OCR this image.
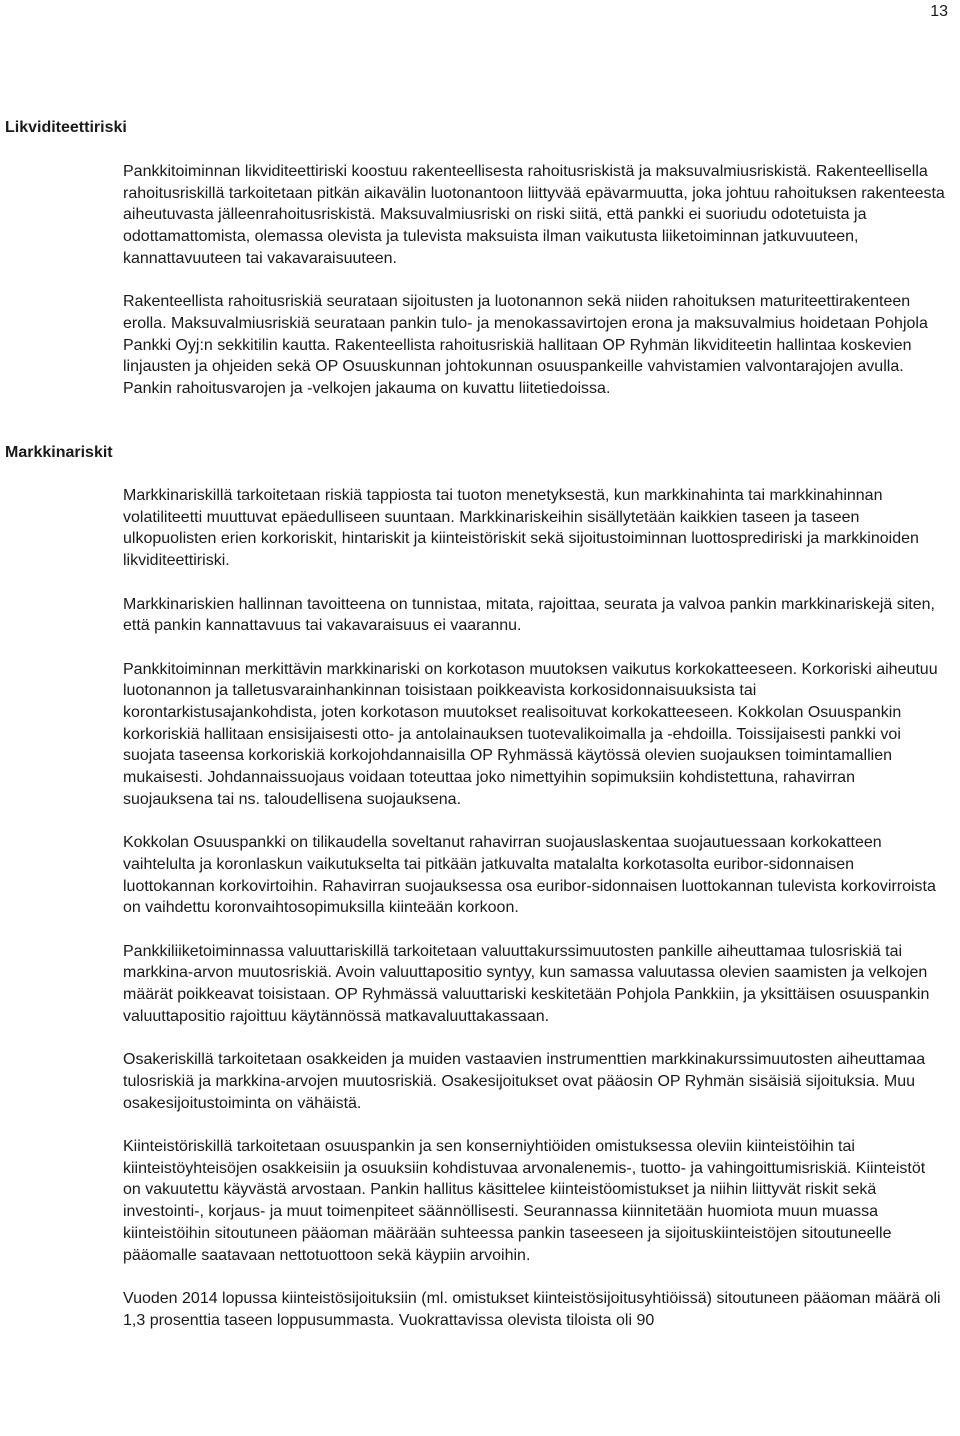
13
Likviditeettiriski
Markkinariskit

Pankkitoiminnan likviditeettiriski koostuu rakenteellisesta rahoitusriskistä ja maksuvalmiusriskistä. Rakenteellisella rahoitusriskillä tarkoitetaan pitkän aikavälin luotonantoon liittyvää epävarmuutta, joka johtuu rahoituksen rakenteesta aiheutuvasta jälleenrahoitusriskistä. Maksuvalmiusriski on riski siitä, että pankki ei suoriudu odotetuista ja odottamattomista, olemassa olevista ja tulevista maksuista ilman vaikutusta liiketoiminnan jatkuvuuteen, kannattavuuteen tai vakavaraisuuteen.

Rakenteellista rahoitusriskiä seurataan sijoitusten ja luotonannon sekä niiden rahoituksen maturiteettirakenteen erolla. Maksuvalmiusriskiä seurataan pankin tulo- ja menokassavirtojen erona ja maksuvalmius hoidetaan Pohjola Pankki Oyj:n sekkitilin kautta. Rakenteellista rahoitusriskiä hallitaan OP Ryhmän likviditeetin hallintaa koskevien linjausten ja ohjeiden sekä OP Osuuskunnan johtokunnan osuuspankeille vahvistamien valvontarajojen avulla. Pankin rahoitusvarojen ja -velkojen jakauma on kuvattu liitetiedoissa.

Markkinariskillä tarkoitetaan riskiä tappiosta tai tuoton menetyksestä, kun markkinahinta tai markkinahinnan volatiliteetti muuttuvat epäedulliseen suuntaan. Markkinariskeihin sisällytetään kaikkien taseen ja taseen ulkopuolisten erien korkoriskit, hintariskit ja kiinteistöriskit sekä sijoitustoiminnan luottosprediriski ja markkinoiden likviditeettiriski.

Markkinariskien hallinnan tavoitteena on tunnistaa, mitata, rajoittaa, seurata ja valvoa pankin markkinariskejä siten, että pankin kannattavuus tai vakavaraisuus ei vaarannu.

Pankkitoiminnan merkittävin markkinariski on korkotason muutoksen vaikutus korkokatteeseen. Korkoriski aiheutuu luotonannon ja talletusvarainhankinnan toisistaan poikkeavista korkosidonnaisuuksista tai korontarkistusajankohdista, joten korkotason muutokset realisoituvat korkokatteeseen. Kokkolan Osuuspankin korkoriskiä hallitaan ensisijaisesti otto- ja antolainauksen tuotevalikoimalla ja -ehdoilla. Toissijaisesti pankki voi suojata taseensa korkoriskiä korkojohdannaisilla OP Ryhmässä käytössä olevien suojauksen toimintamallien mukaisesti. Johdannaissuojaus voidaan toteuttaa joko nimettyihin sopimuksiin kohdistettuna, rahavirran suojauksena tai ns. taloudellisena suojauksena.

Kokkolan Osuuspankki on tilikaudella soveltanut rahavirran suojauslaskentaa suojautuessaan korkokatteen vaihtelulta ja koronlaskun vaikutukselta tai pitkään jatkuvalta matalalta korkotasolta euribor-sidonnaisen luottokannan korkovirtoihin. Rahavirran suojauksessa osa euribor-sidonnaisen luottokannan tulevista korkovirroista on vaihdettu koronvaihtosopimuksilla kiinteään korkoon.

Pankkiliiketoiminnassa valuuttariskillä tarkoitetaan valuuttakurssimuutosten pankille aiheuttamaa tulosriskiä tai markkina-arvon muutosriskiä. Avoin valuuttapositio syntyy, kun samassa valuutassa olevien saamisten ja velkojen määrät poikkeavat toisistaan. OP Ryhmässä valuuttariski keskitetään Pohjola Pankkiin, ja yksittäisen osuuspankin valuuttapositio rajoittuu käytännössä matkavaluuttakassaan.

Osakeriskillä tarkoitetaan osakkeiden ja muiden vastaavien instrumenttien markkinakurssimuutosten aiheuttamaa tulosriskiä ja markkina-arvojen muutosriskiä. Osakesijoitukset ovat pääosin OP Ryhmän sisäisiä sijoituksia. Muu osakesijoitustoiminta on vähäistä.

Kiinteistöriskillä tarkoitetaan osuuspankin ja sen konserniyhtiöiden omistuksessa oleviin kiinteistöihin tai kiinteistöyhteisöjen osakkeisiin ja osuuksiin kohdistuvaa arvonalenemis-, tuotto- ja vahingoittumisriskiä. Kiinteistöt on vakuutettu käyvästä arvostaan. Pankin hallitus käsittelee kiinteistöomistukset ja niihin liittyvät riskit sekä investointi-, korjaus- ja muut toimenpiteet säännöllisesti. Seurannassa kiinnitetään huomiota muun muassa kiinteistöihin sitoutuneen pääoman määrään suhteessa pankin taseeseen ja sijoituskiinteistöjen sitoutuneelle pääomalle saatavaan nettotuottoon sekä käypiin arvoihin.

Vuoden 2014 lopussa kiinteistösijoituksiin (ml. omistukset kiinteistösijoitusyhtiöissä) sitoutuneen pääoman määrä oli 1,3 prosenttia taseen loppusummasta. Vuokrattavissa olevista tiloista oli 90
